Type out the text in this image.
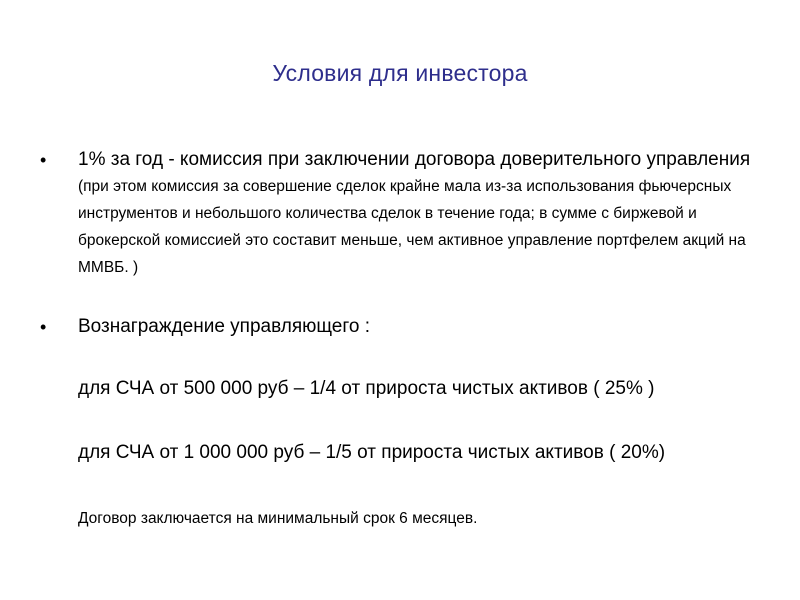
Условия для инвестора
• 1% за год - комиссия при заключении договора доверительного управления (при этом комиссия за совершение сделок крайне мала из-за использования фьючерсных инструментов и небольшого количества сделок в течение года; в сумме с биржевой и брокерской комиссией это составит меньше, чем активное управление портфелем акций на ММВБ. )
• Вознаграждение управляющего :
для СЧА от 500 000 руб – 1/4 от прироста чистых активов ( 25% )
для СЧА от 1 000 000 руб – 1/5 от прироста чистых активов ( 20%)
Договор заключается на минимальный срок 6 месяцев.
